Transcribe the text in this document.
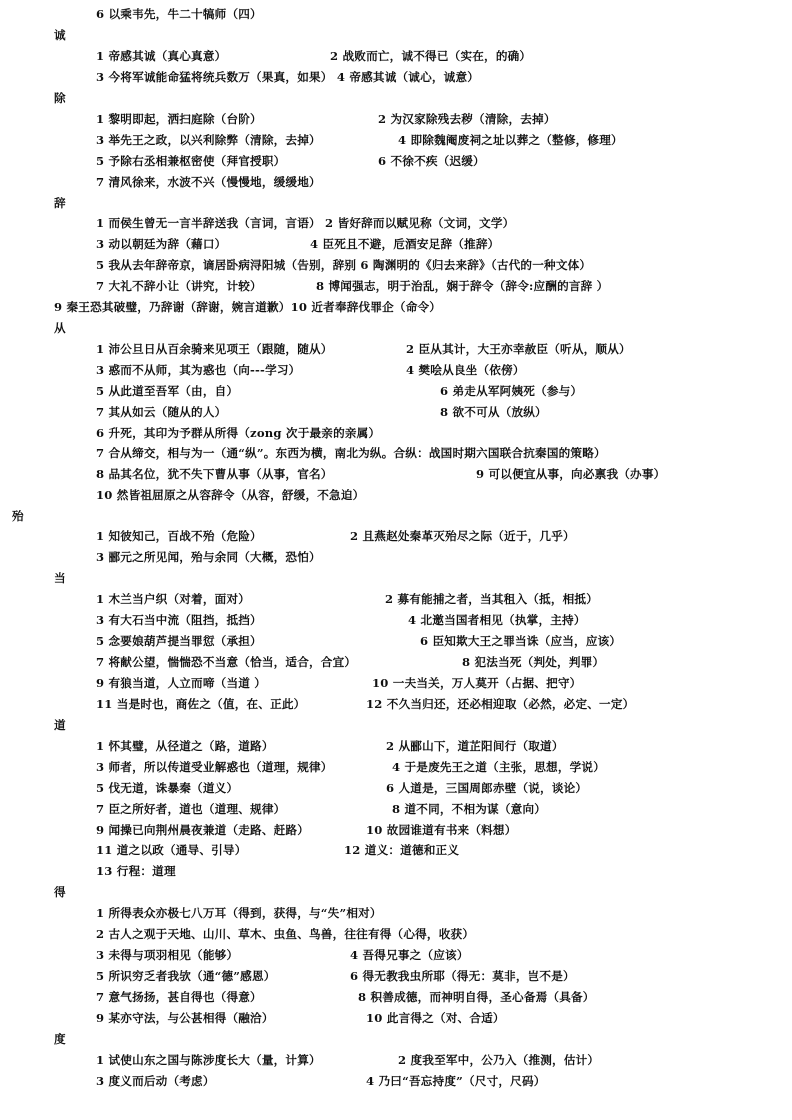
6 以乘韦先，牛二十犒师（四）
诚
1 帝感其诚（真心真意）	2 战败而亡，诚不得已（实在，的确）
3 今将军诚能命猛将统兵数万（果真，如果） 4 帝感其诚（诚心，诚意）
除
1 黎明即起，洒扫庭除（台阶）	2 为汉家除残去秽（清除，去掉）
3 举先王之政，以兴利除弊（清除，去掉）	4 即除魏阉废祠之址以葬之（整修，修理）
5 予除右丞相兼枢密使（拜官授职）	6 不徐不疾（迟缓）
7 清风徐来，水波不兴（慢慢地，缓缓地）
辞
1 而侯生曾无一言半辞送我（言词，言语） 2 皆好辞而以赋见称（文词，文学）
3 动以朝廷为辞（藉口）	4 臣死且不避，卮酒安足辞（推辞）
5 我从去年辞帝京，谪居卧病浔阳城（告别，辞别 6 陶渊明的《归去来辞》（古代的一种文体）
7 大礼不辞小让（讲究，计较）	8 博闻强志，明于治乱，娴于辞令（辞令:应酬的言辞 ）
9 秦王恐其破璧，乃辞谢（辞谢，婉言道歉）10 近者奉辞伐罪企（命令）
从
1 沛公旦日从百余骑来见项王（跟随，随从）	2 臣从其计，大王亦幸赦臣（听从，顺从）
3 惑而不从师，其为惑也（向---学习）	4 樊哙从良坐（依傍）
5 从此道至吾军（由，自）	6 弟走从军阿姨死（参与）
7 其从如云（随从的人）	8 欲不可从（放纵）
6 升死，其印为予群从所得（zong 次于最亲的亲属）
7 合从缔交，相与为一（通“纵”。东西为横，南北为纵。合纵：战国时期六国联合抗秦国的策略）
8 品其名位，犹不失下曹从事（从事，官名）	9 可以便宜从事，向必禀我（办事）
10 然皆祖屈原之从容辞令（从容，舒缓，不急迫）
殆
1 知彼知己，百战不殆（危险）	2 且燕赵处秦革灭殆尽之际（近于，几乎）
3 郦元之所见闻，殆与余同（大概，恐怕）
当
1 木兰当户织（对着，面对）	2 募有能捕之者，当其租入（抵，相抵）
3 有大石当中流（阻挡，抵挡）	4 北邀当国者相见（执掌，主持）
5 念要娘葫芦提当罪愆（承担）	6 臣知欺大王之罪当诛（应当，应该）
7 将献公望，惴惴恐不当意（恰当，适合，合宜）	8 犯法当死（判处，判罪）
9 有狼当道，人立而啼（当道 ）	10 一夫当关，万人莫开（占据、把守）
11 当是时也，商佐之（值，在、正此）	12 不久当归还，还必相迎取（必然，必定、一定）
道
1 怀其璧，从径道之（路，道路）	2 从郦山下，道芷阳间行（取道）
3 师者，所以传道受业解惑也（道理，规律）	4 于是废先王之道（主张，思想，学说）
5 伐无道，诛暴秦（道义）	6 人道是，三国周郎赤壁（说，谈论）
7 臣之所好者，道也（道理、规律）	8 道不同，不相为谋（意向）
9 闻操已向荆州晨夜兼道（走路、赶路）	10 故园谁道有书来（料想）
11 道之以政（通导、引导）	12 道义：道德和正义
13 行程：道理
得
1 所得表众亦极七八万耳（得到，获得，与“失”相对）
2 古人之观于天地、山川、草木、虫鱼、鸟兽，往往有得（心得，收获）
3 未得与项羽相见（能够）	4 吾得兄事之（应该）
5 所识穷乏者我欤（通“德”感恩）	6 得无教我虫所耶（得无：莫非，岂不是）
7 意气扬扬，甚自得也（得意）	8 积善成德，而神明自得，圣心备焉（具备）
9 某亦守法，与公甚相得（融洽）	10 此言得之（对、合适）
度
1 试使山东之国与陈涉度长大（量，计算）	2 度我至军中，公乃入（推测，估计）
3 度义而后动（考虑）	4 乃曰“吾忘持度”（尺寸，尺码）
